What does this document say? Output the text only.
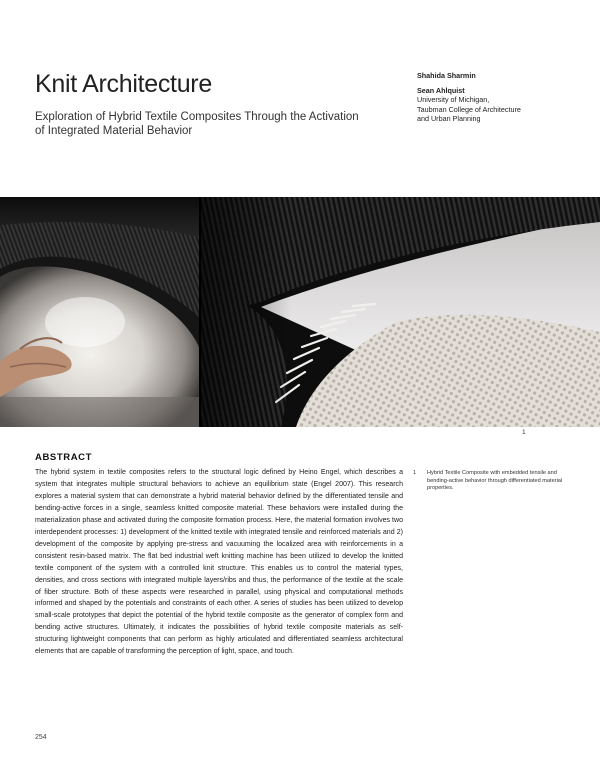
Knit Architecture

Exploration of Hybrid Textile Composites Through the Activation of Integrated Material Behavior

Shahida Sharmin
Sean Ahlquist
University of Michigan,
Taubman College of Architecture
and Urban Planning
1
ABSTRACT

The hybrid system in textile composites refers to the structural logic defined by Heino Engel, which describes a system that integrates multiple structural behaviors to achieve an equilibrium state (Engel 2007). This research explores a material system that can demonstrate a hybrid material behavior defined by the differentiated tensile and bending-active forces in a single, seamless knitted composite material. These behaviors were installed during the materialization phase and activated during the composite formation process. Here, the material formation involves two interdependent processes: 1) development of the knitted textile with integrated tensile and reinforced materials and 2) development of the composite by applying pre-stress and vacuuming the localized area with reinforcements in a consistent resin-based matrix. The flat bed industrial weft knitting machine has been utilized to develop the knitted textile component of the system with a controlled knit structure. This enables us to control the material types, densities, and cross sections with integrated multiple layers/ribs and thus, the performance of the textile at the scale of fiber structure. Both of these aspects were researched in parallel, using physical and computational methods informed and shaped by the potentials and constraints of each other. A series of studies has been utilized to develop small-scale prototypes that depict the potential of the hybrid textile composite as the generator of complex form and bending active structures. Ultimately, it indicates the possibilities of hybrid textile composite materials as self-structuring lightweight components that can perform as highly articulated and differentiated seamless architectural elements that are capable of transforming the perception of light, space, and touch.

1	Hybrid Textile Composite with embedded tensile and bending-active behavior through differentiated material properties.
254
